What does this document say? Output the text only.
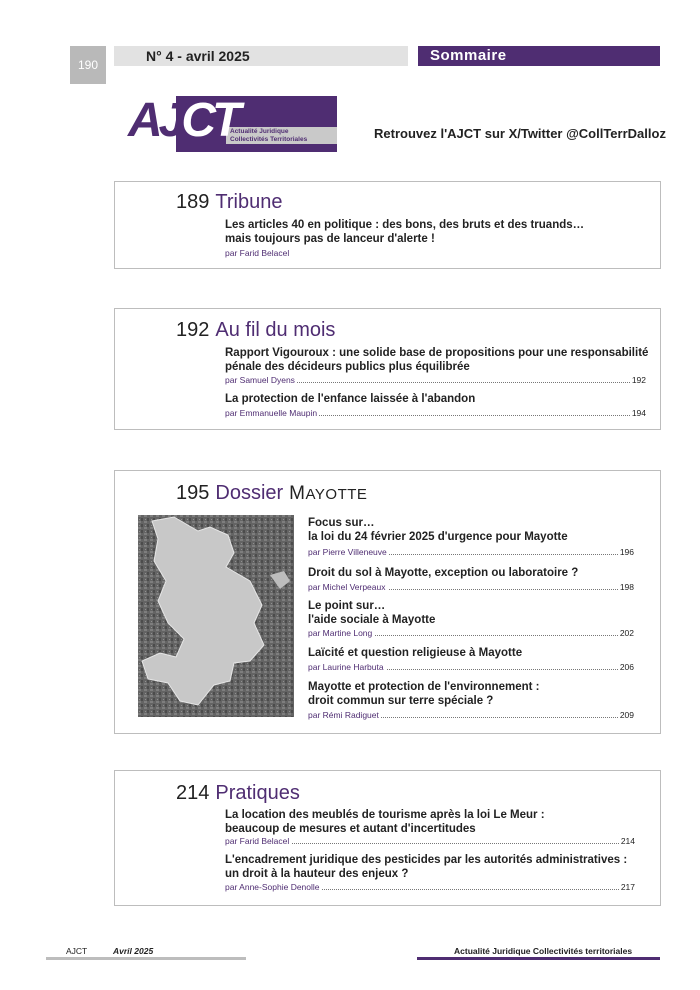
190
N° 4 - avril 2025	Sommaire
AJCT
Actualité Juridique
Collectivités Territoriales	Retrouvez l'AJCT sur X/Twitter @CollTerrDalloz
189 Tribune
Les articles 40 en politique : des bons, des bruts et des truands…
mais toujours pas de lanceur d'alerte !
par Farid Belacel
192 Au fil du mois
Rapport Vigouroux : une solide base de propositions pour une responsabilité
pénale des décideurs publics plus équilibrée
par Samuel Dyens	192
La protection de l'enfance laissée à l'abandon
par Emmanuelle Maupin	194
195 Dossier MAYOTTE
Focus sur…
la loi du 24 février 2025 d'urgence pour Mayotte
par Pierre Villeneuve	196
Droit du sol à Mayotte, exception ou laboratoire ?
par Michel Verpeaux	198
Le point sur…
l'aide sociale à Mayotte
par Martine Long	202
Laïcité et question religieuse à Mayotte
par Laurine Harbuta	206
Mayotte et protection de l'environnement :
droit commun sur terre spéciale ?
par Rémi Radiguet	209
214 Pratiques
La location des meublés de tourisme après la loi Le Meur :
beaucoup de mesures et autant d'incertitudes
par Farid Belacel	214
L'encadrement juridique des pesticides par les autorités administratives :
un droit à la hauteur des enjeux ?
par Anne-Sophie Denolle	217
AJCT	Avril 2025	Actualité Juridique Collectivités territoriales
